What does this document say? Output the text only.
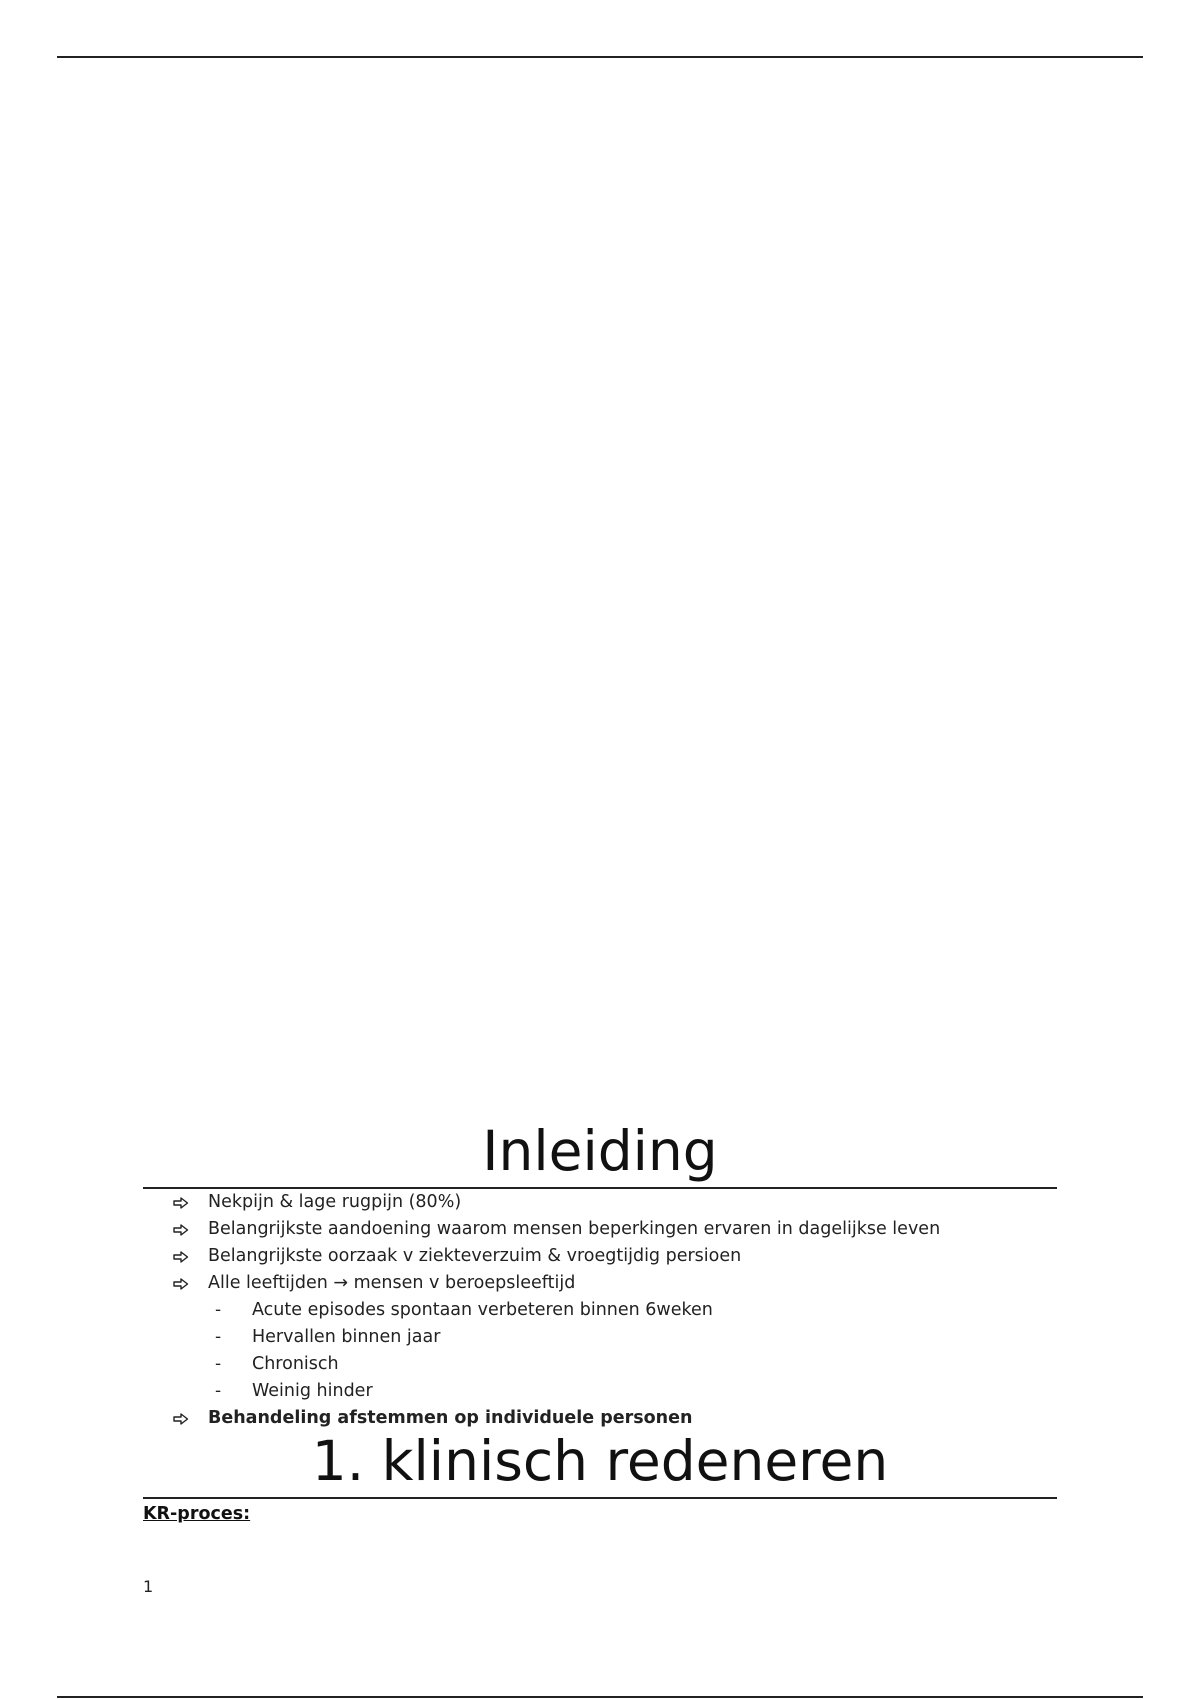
Inleiding
Nekpijn & lage rugpijn (80%)
Belangrijkste aandoening waarom mensen beperkingen ervaren in dagelijkse leven
Belangrijkste oorzaak v ziekteverzuim & vroegtijdig persioen
Alle leeftijden → mensen v beroepsleeftijd
- Acute episodes spontaan verbeteren binnen 6weken
- Hervallen binnen jaar
- Chronisch
- Weinig hinder
Behandeling afstemmen op individuele personen
1. klinisch redeneren
KR-proces:
1
